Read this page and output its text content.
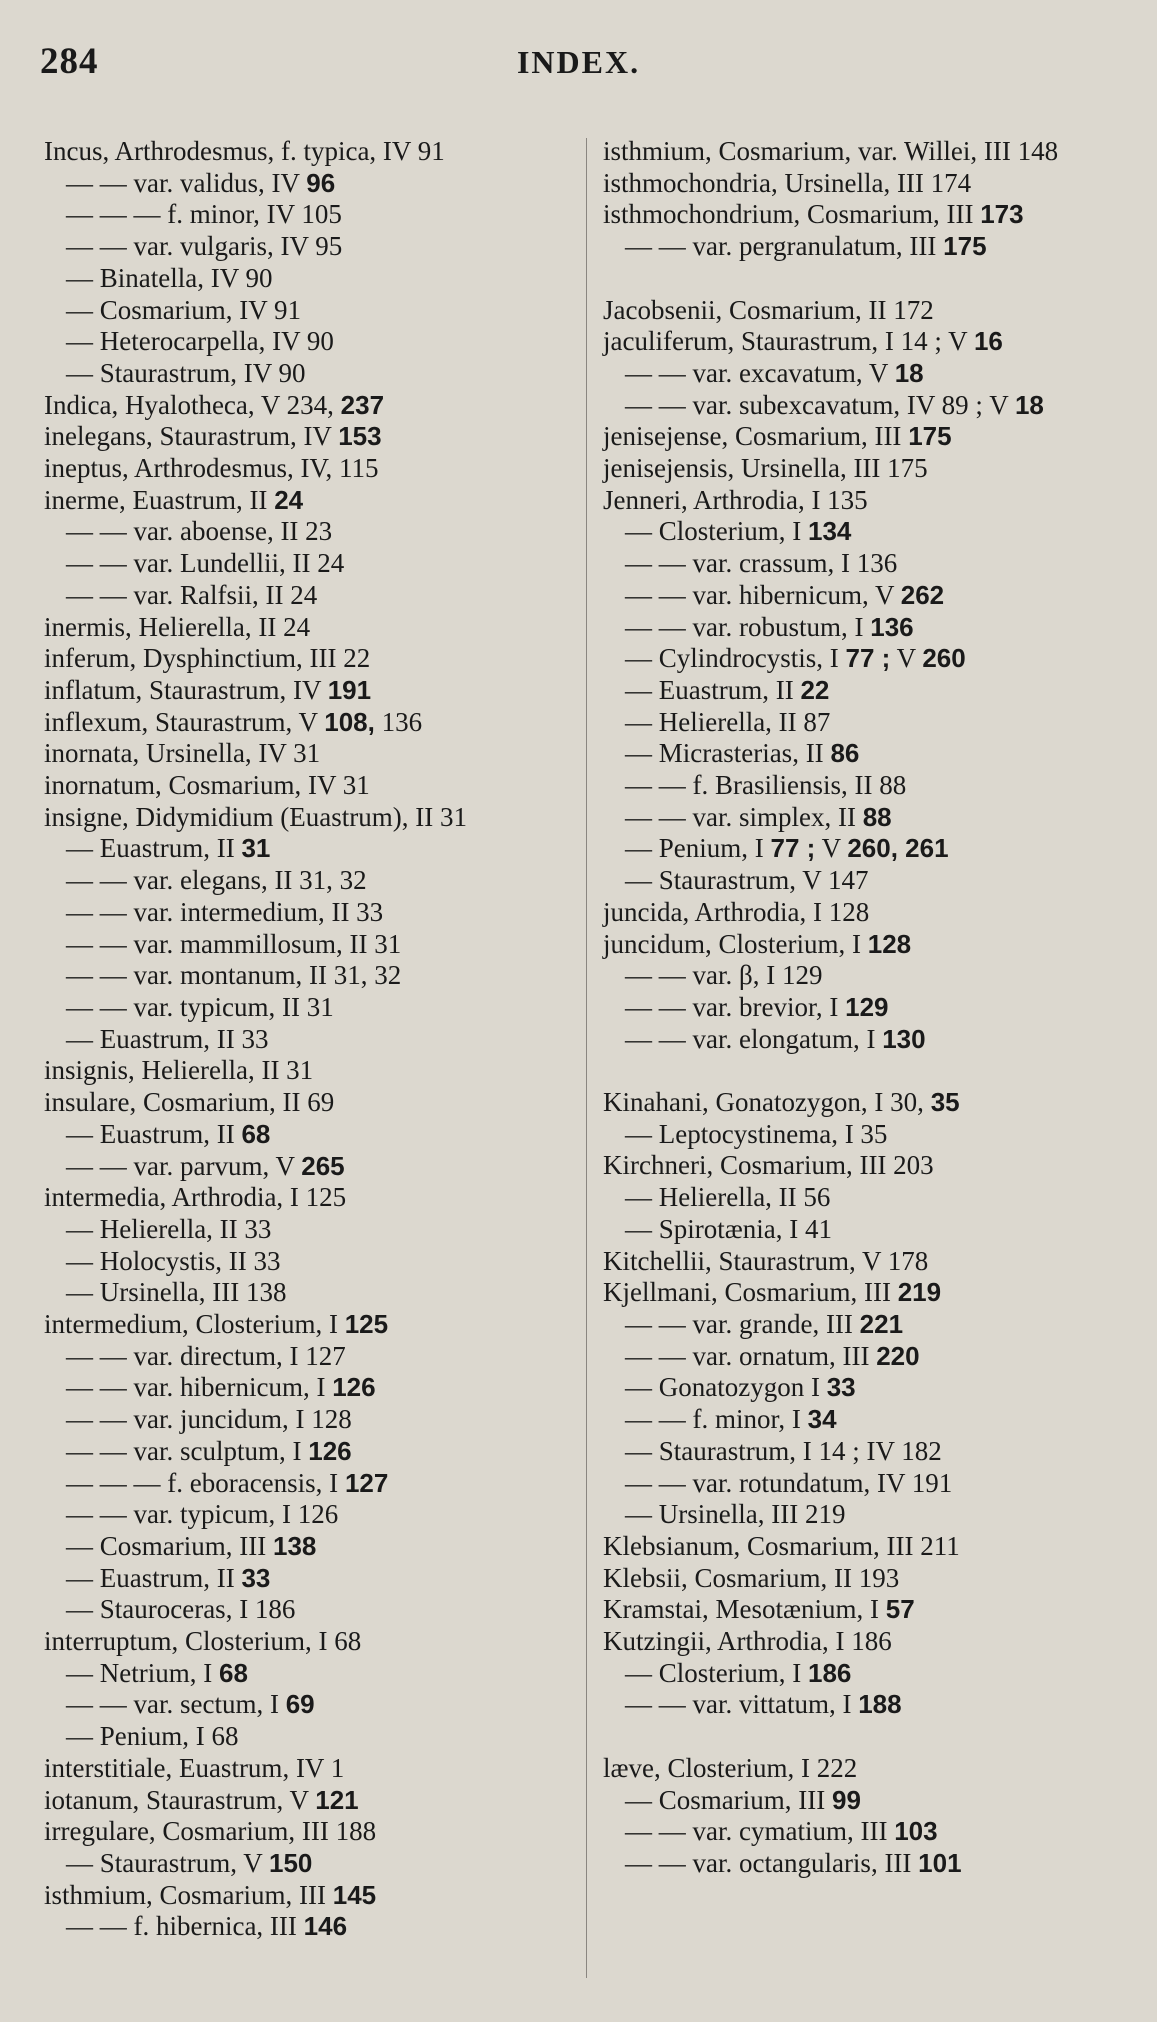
284	INDEX.
Incus, Arthrodesmus, f. typica, IV 91
— — var. validus, IV 96
— — — f. minor, IV 105
— — var. vulgaris, IV 95
— Binatella, IV 90
— Cosmarium, IV 91
— Heterocarpella, IV 90
— Staurastrum, IV 90
Indica, Hyalotheca, V 234, 237
inelegans, Staurastrum, IV 153
ineptus, Arthrodesmus, IV, 115
inerme, Euastrum, II 24
— — var. aboense, II 23
— — var. Lundellii, II 24
— — var. Ralfsii, II 24
inermis, Helierella, II 24
inferum, Dysphinctium, III 22
inflatum, Staurastrum, IV 191
inflexum, Staurastrum, V 108, 136
inornata, Ursinella, IV 31
inornatum, Cosmarium, IV 31
insigne, Didymidium (Euastrum), II 31
— Euastrum, II 31
— — var. elegans, II 31, 32
— — var. intermedium, II 33
— — var. mammillosum, II 31
— — var. montanum, II 31, 32
— — var. typicum, II 31
— Euastrum, II 33
insignis, Helierella, II 31
insulare, Cosmarium, II 69
— Euastrum, II 68
— — var. parvum, V 265
intermedia, Arthrodia, I 125
— Helierella, II 33
— Holocystis, II 33
— Ursinella, III 138
intermedium, Closterium, I 125
— — var. directum, I 127
— — var. hibernicum, I 126
— — var. juncidum, I 128
— — var. sculptum, I 126
— — — f. eboracensis, I 127
— — var. typicum, I 126
— Cosmarium, III 138
— Euastrum, II 33
— Stauroceras, I 186
interruptum, Closterium, I 68
— Netrium, I 68
— — var. sectum, I 69
— Penium, I 68
interstitiale, Euastrum, IV 1
iotanum, Staurastrum, V 121
irregulare, Cosmarium, III 188
— Staurastrum, V 150
isthmium, Cosmarium, III 145
— — f. hibernica, III 146
isthmium, Cosmarium, var. Willei, III 148
isthmochondria, Ursinella, III 174
isthmochondrium, Cosmarium, III 173
— — var. pergranulatum, III 175
Jacobsenii, Cosmarium, II 172
jaculiferum, Staurastrum, I 14 ; V 16
— — var. excavatum, V 18
— — var. subexcavatum, IV 89 ; V 18
jenisejense, Cosmarium, III 175
jenisejensis, Ursinella, III 175
Jenneri, Arthrodia, I 135
— Closterium, I 134
— — var. crassum, I 136
— — var. hibernicum, V 262
— — var. robustum, I 136
— Cylindrocystis, I 77 ; V 260
— Euastrum, II 22
— Helierella, II 87
— Micrasterias, II 86
— — f. Brasiliensis, II 88
— — var. simplex, II 88
— Penium, I 77 ; V 260, 261
— Staurastrum, V 147
juncida, Arthrodia, I 128
juncidum, Closterium, I 128
— — var. β, I 129
— — var. brevior, I 129
— — var. elongatum, I 130
Kinahani, Gonatozygon, I 30, 35
— Leptocystinema, I 35
Kirchneri, Cosmarium, III 203
— Helierella, II 56
— Spirotænia, I 41
Kitchellii, Staurastrum, V 178
Kjellmani, Cosmarium, III 219
— — var. grande, III 221
— — var. ornatum, III 220
— Gonatozygon I 33
— — f. minor, I 34
— Staurastrum, I 14 ; IV 182
— — var. rotundatum, IV 191
— Ursinella, III 219
Klebsianum, Cosmarium, III 211
Klebsii, Cosmarium, II 193
Kramstai, Mesotænium, I 57
Kutzingii, Arthrodia, I 186
— Closterium, I 186
— — var. vittatum, I 188
læve, Closterium, I 222
— Cosmarium, III 99
— — var. cymatium, III 103
— — var. octangularis, III 101
